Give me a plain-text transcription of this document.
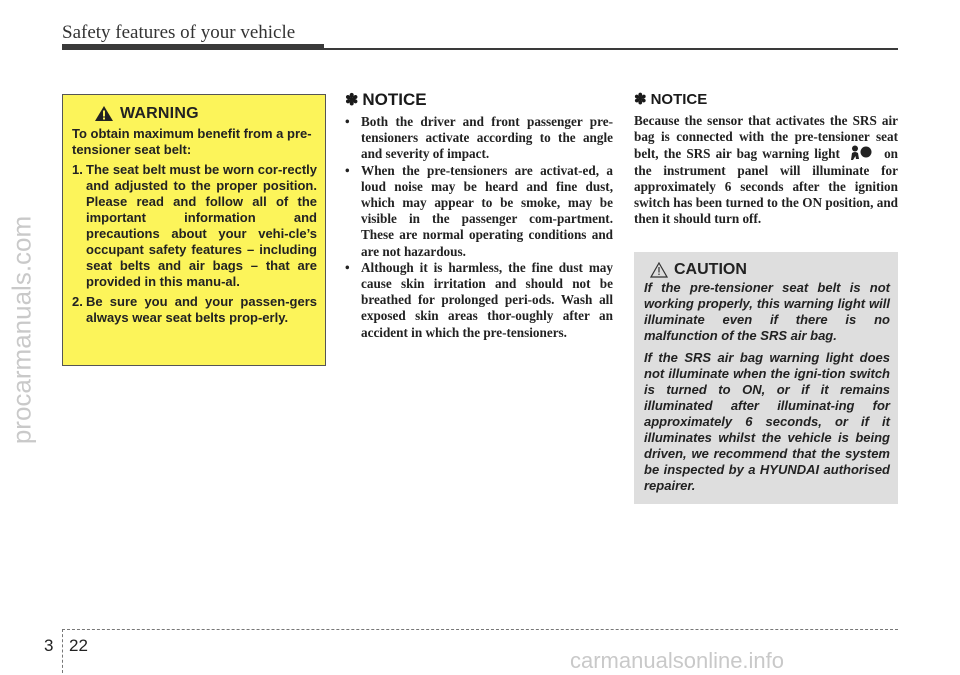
Safety features of your vehicle
procarmanuals.com
WARNING

To obtain maximum benefit from a pre-tensioner seat belt:

1. The seat belt must be worn cor-rectly and adjusted to the proper position. Please read and follow all of the important information and precautions about your vehi-cle’s occupant safety features – including seat belts and air bags – that are provided in this manu-al.
2. Be sure you and your passen-gers always wear seat belts prop-erly.
✽ NOTICE
• Both the driver and front passenger pre-tensioners activate according to the angle and severity of impact.
• When the pre-tensioners are activat-ed, a loud noise may be heard and fine dust, which may appear to be smoke, may be visible in the passenger com-partment. These are normal operating conditions and are not hazardous.
• Although it is harmless, the fine dust may cause skin irritation and should not be breathed for prolonged peri-ods. Wash all exposed skin areas thor-oughly after an accident in which the pre-tensioners.
✽ NOTICE

Because the sensor that activates the SRS air bag is connected with the pre-tensioner seat belt, the SRS air bag warning light	on the instrument panel will illuminate for approximately 6 seconds after the ignition switch has been turned to the ON position, and then it should turn off.

CAUTION

If the pre-tensioner seat belt is not working properly, this warning light will illuminate even if there is no malfunction of the SRS air bag.

If the SRS air bag warning light does not illuminate when the igni-tion switch is turned to ON, or if it remains illuminated after illuminat-ing for approximately 6 seconds, or if it illuminates whilst the vehicle is being driven, we recommend that the system be inspected by a HYUNDAI authorised repairer.

3 22
carmanualsonline.info
